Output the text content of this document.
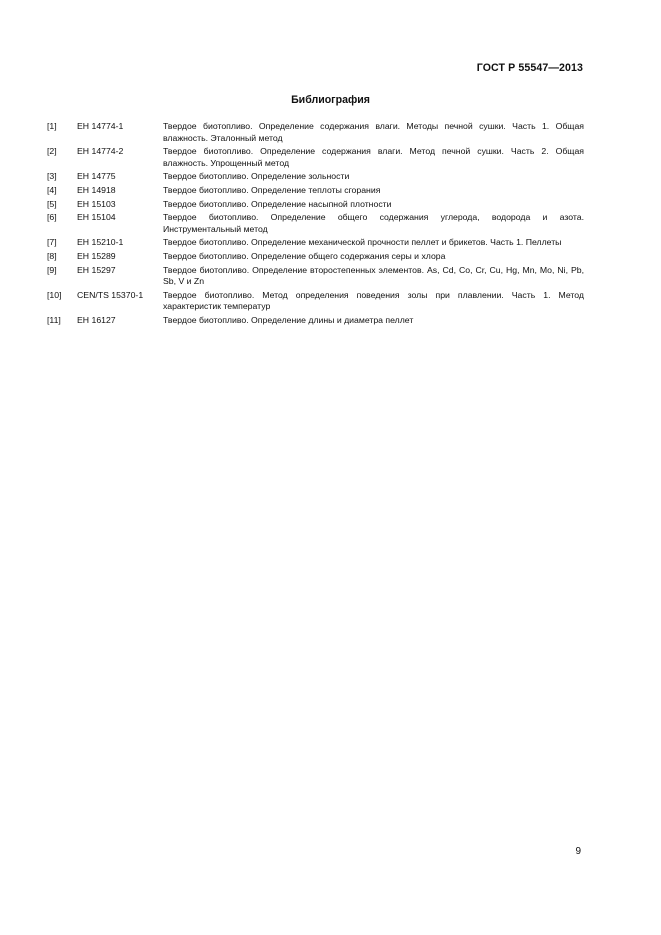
ГОСТ Р 55547—2013
Библиография
[1]	EH 14774-1	Твердое биотопливо. Определение содержания влаги. Методы печной сушки. Часть 1. Общая влажность. Эталонный метод
[2]	EH 14774-2	Твердое биотопливо. Определение содержания влаги. Метод печной сушки. Часть 2. Общая влажность. Упрощенный метод
[3]	EH 14775	Твердое биотопливо. Определение зольности
[4]	EH 14918	Твердое биотопливо. Определение теплоты сгорания
[5]	EH 15103	Твердое биотопливо. Определение насыпной плотности
[6]	EH 15104	Твердое биотопливо. Определение общего содержания углерода, водорода и азота. Инструментальный метод
[7]	EH 15210-1	Твердое биотопливо. Определение механической прочности пеллет и брикетов. Часть 1. Пеллеты
[8]	EH 15289	Твердое биотопливо. Определение общего содержания серы и хлора
[9]	EH 15297	Твердое биотопливо. Определение второстепенных элементов. As, Cd, Co, Cr, Cu, Hg, Mn, Mo, Ni, Pb, Sb, V и Zn
[10]	CEN/TS 15370-1	Твердое биотопливо. Метод определения поведения золы при плавлении. Часть 1. Метод характеристик температур
[11]	EH 16127	Твердое биотопливо. Определение длины и диаметра пеллет
9
